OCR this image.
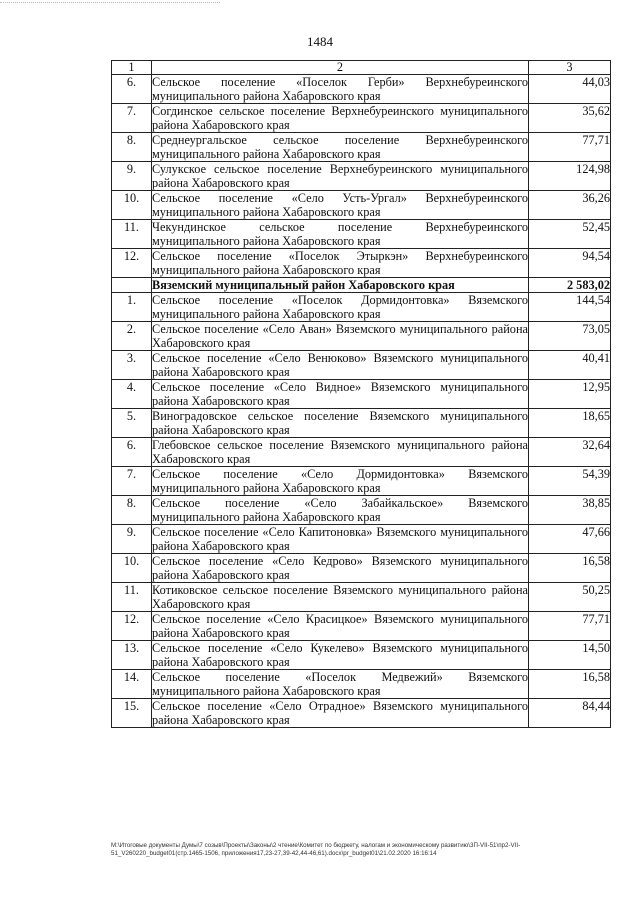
1484
1	2	3
6.	Сельское поселение «Поселок Герби» Верхнебуреинского муниципального района Хабаровского края	44,03
7.	Согдинское сельское поселение Верхнебуреинского муниципального района Хабаровского края	35,62
8.	Среднеургальское сельское поселение Верхнебуреинского муниципального района Хабаровского края	77,71
9.	Сулукское сельское поселение Верхнебуреинского муниципального района Хабаровского края	124,98
10.	Сельское поселение «Село Усть-Ургал» Верхнебуреинского муниципального района Хабаровского края	36,26
11.	Чекундинское сельское поселение Верхнебуреинского муниципального района Хабаровского края	52,45
12.	Сельское поселение «Поселок Этыркэн» Верхнебуреинского муниципального района Хабаровского края	94,54
	Вяземский муниципальный район Хабаровского края	2 583,02
1.	Сельское поселение «Поселок Дормидонтовка» Вяземского муниципального района Хабаровского края	144,54
2.	Сельское поселение «Село Аван» Вяземского муниципального района Хабаровского края	73,05
3.	Сельское поселение «Село Венюково» Вяземского муниципального района Хабаровского края	40,41
4.	Сельское поселение «Село Видное» Вяземского муниципального района Хабаровского края	12,95
5.	Виноградовское сельское поселение Вяземского муниципального района Хабаровского края	18,65
6.	Глебовское сельское поселение Вяземского муниципального района Хабаровского края	32,64
7.	Сельское поселение «Село Дормидонтовка» Вяземского муниципального района Хабаровского края	54,39
8.	Сельское поселение «Село Забайкальское» Вяземского муниципального района Хабаровского края	38,85
9.	Сельское поселение «Село Капитоновка» Вяземского муниципального района Хабаровского края	47,66
10.	Сельское поселение «Село Кедрово» Вяземского муниципального района Хабаровского края	16,58
11.	Котиковское сельское поселение Вяземского муниципального района Хабаровского края	50,25
12.	Сельское поселение «Село Красицкое» Вяземского муниципального района Хабаровского края	77,71
13.	Сельское поселение «Село Кукелево» Вяземского муниципального района Хабаровского края	14,50
14.	Сельское поселение «Поселок Медвежий» Вяземского муниципального района Хабаровского края	16,58
15.	Сельское поселение «Село Отрадное» Вяземского муниципального района Хабаровского края	84,44
М:\Итоговые документы Думы\7 созыв\Проекты\Законы\2 чтение\Комитет по бюджету, налогам и экономическому развитию\3П-VII-51\пр2-VII-51_V260220_budget01(стр.1465-1506, приложения17,23-27,39-42,44-46,61).docx\pr_budget01\21.02.2020 16:16:14
